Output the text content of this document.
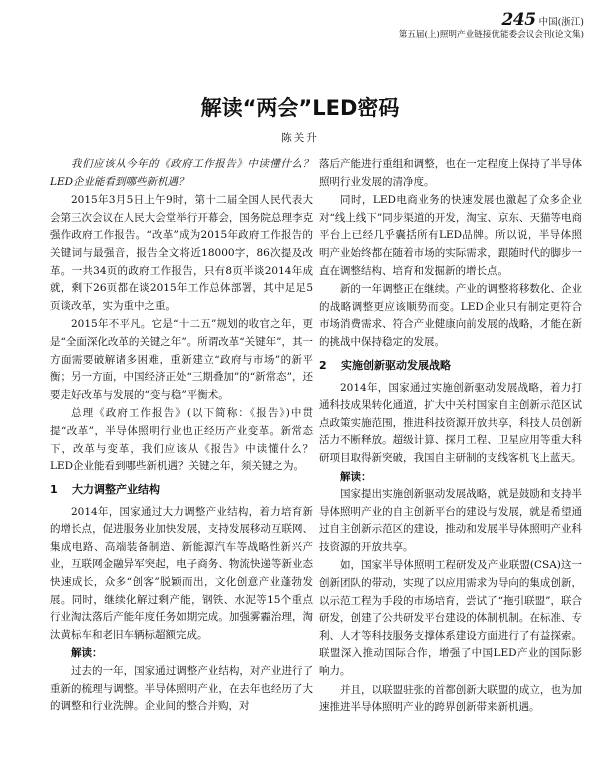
245 中国(浙江)
第五届(上)照明产业链接优能委会议会刊(论文集)
解读“两会”LED密码
陈关升

我们应该从今年的《政府工作报告》中读懂什么？LED企业能看到哪些新机遇？

2015年3月5日上午9时，第十二届全国人民代表大会第三次会议在人民大会堂举行开幕会，国务院总理李克强作政府工作报告。“改革”成为2015年政府工作报告的关键词与最强音，报告全文将近18000字，86次提及改革。一共34页的政府工作报告，只有8页半谈2014年成就，剩下26页都在谈2015年工作总体部署，其中足足5页谈改革，实为重中之重。

2015年不平凡。它是“十二五”规划的收官之年，更是“全面深化改革的关键之年”。所谓改革“关键年”，其一方面需要破解诸多困难，重新建立“政府与市场”的新平衡；另一方面，中国经济正处“三期叠加”的“新常态”，还要走好改革与发展的“变与稳”平衡术。

总理《政府工作报告》(以下简称：《报告》)中贯提“改革”，半导体照明行业也正经历产业变革。新常态下，改革与变革，我们应该从《报告》中读懂什么？LED企业能看到哪些新机遇？关键之年，须关键之为。

1 大力调整产业结构

2014年，国家通过大力调整产业结构，着力培育新的增长点，促进服务业加快发展，支持发展移动互联网、集成电路、高端装备制造、新能源汽车等战略性新兴产业，互联网金融异军突起，电子商务、物流快递等新业态快速成长，众多“创客”脱颖而出，文化创意产业蓬勃发展。同时，继续化解过剩产能，钢铁、水泥等15个重点行业淘汰落后产能年度任务如期完成。加强雾霾治理，淘汰黄标车和老旧车辆标超额完成。

解读：

过去的一年，国家通过调整产业结构，对产业进行了重新的梳理与调整。半导体照明产业，在去年也经历了大的调整和行业洗牌。企业间的整合并购，对

落后产能进行重组和调整，也在一定程度上保持了半导体照明行业发展的清净度。

同时，LED电商业务的快速发展也激起了众多企业对“线上线下”同步渠道的开发，淘宝、京东、天猫等电商平台上已经几乎囊括所有LED品牌。所以说，半导体照明产业始终都在随着市场的实际需求，跟随时代的脚步一直在调整结构、培育和发掘新的增长点。

新的一年调整正在继续。产业的调整将移数化、企业的战略调整更应该顺势而变。LED企业只有制定更符合市场消费需求、符合产业健康向前发展的战略，才能在新的挑战中保持稳定的发展。

2 实施创新驱动发展战略

2014年，国家通过实施创新驱动发展战略，着力打通科技成果转化通道，扩大中关村国家自主创新示范区试点政策实施范围，推进科技资源开放共享，科技人员创新活力不断释放。超级计算、探月工程、卫星应用等重大科研项目取得新突破，我国自主研制的支线客机飞上蓝天。

解读：

国家提出实施创新驱动发展战略，就是鼓励和支持半导体照明产业的自主创新平台的建设与发展，就是希望通过自主创新示范区的建设，推动和发展半导体照明产业科技资源的开放共享。

如，国家半导体照明工程研发及产业联盟(CSA)这一创新团队的带动，实现了以应用需求为导向的集成创新，以示范工程为手段的市场培育，尝试了“拖引联盟”，联合研发，创建了公共研发平台建设的体制机制。在标准、专利、人才等科技服务支撑体系建设方面进行了有益探索。联盟深入推动国际合作，增强了中国LED产业的国际影响力。

并且，以联盟驻张的首都创新大联盟的成立，也为加速推进半导体照明产业的跨界创新带来新机遇。
